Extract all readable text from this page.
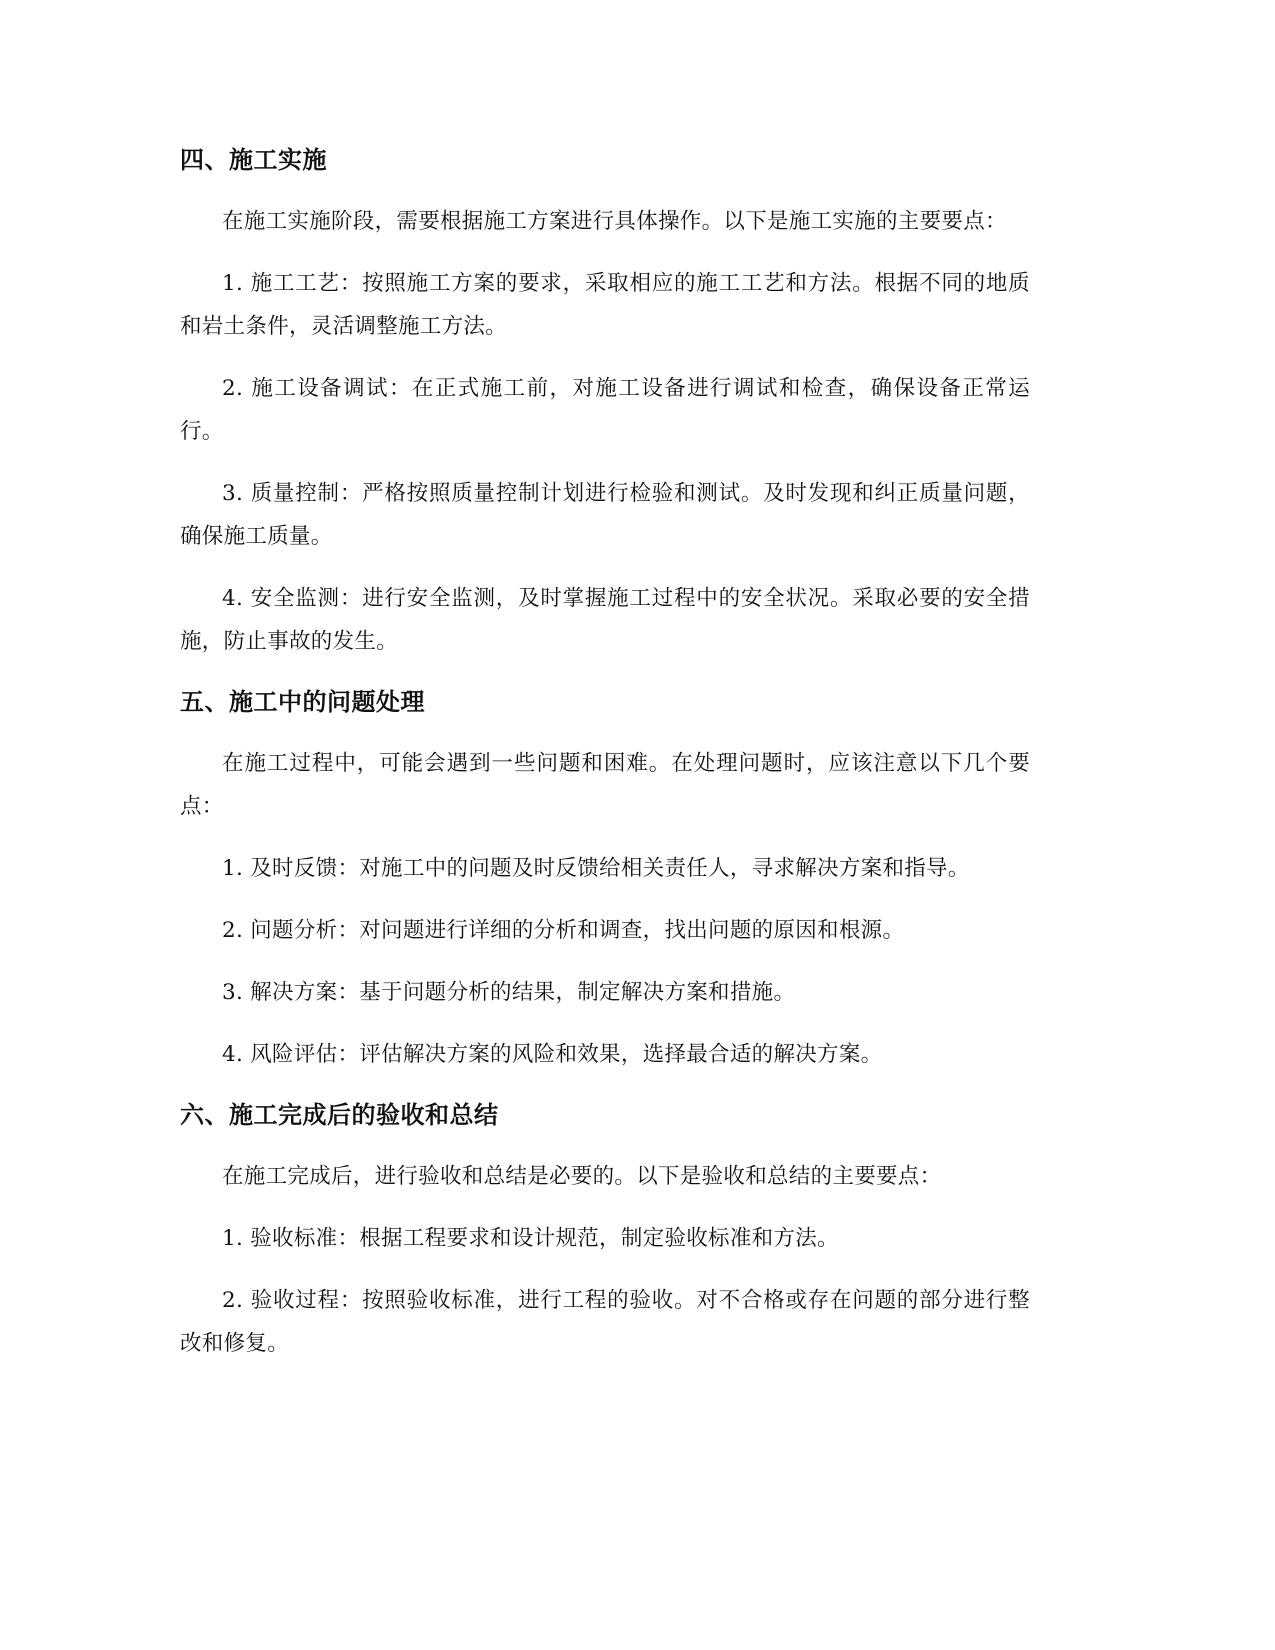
四、施工实施

在施工实施阶段，需要根据施工方案进行具体操作。以下是施工实施的主要要点：

1. 施工工艺：按照施工方案的要求，采取相应的施工工艺和方法。根据不同的地质和岩土条件，灵活调整施工方法。

2. 施工设备调试：在正式施工前，对施工设备进行调试和检查，确保设备正常运行。

3. 质量控制：严格按照质量控制计划进行检验和测试。及时发现和纠正质量问题，确保施工质量。

4. 安全监测：进行安全监测，及时掌握施工过程中的安全状况。采取必要的安全措施，防止事故的发生。

五、施工中的问题处理

在施工过程中，可能会遇到一些问题和困难。在处理问题时，应该注意以下几个要点：

1. 及时反馈：对施工中的问题及时反馈给相关责任人，寻求解决方案和指导。

2. 问题分析：对问题进行详细的分析和调查，找出问题的原因和根源。

3. 解决方案：基于问题分析的结果，制定解决方案和措施。

4. 风险评估：评估解决方案的风险和效果，选择最合适的解决方案。

六、施工完成后的验收和总结

在施工完成后，进行验收和总结是必要的。以下是验收和总结的主要要点：

1. 验收标准：根据工程要求和设计规范，制定验收标准和方法。

2. 验收过程：按照验收标准，进行工程的验收。对不合格或存在问题的部分进行整改和修复。
